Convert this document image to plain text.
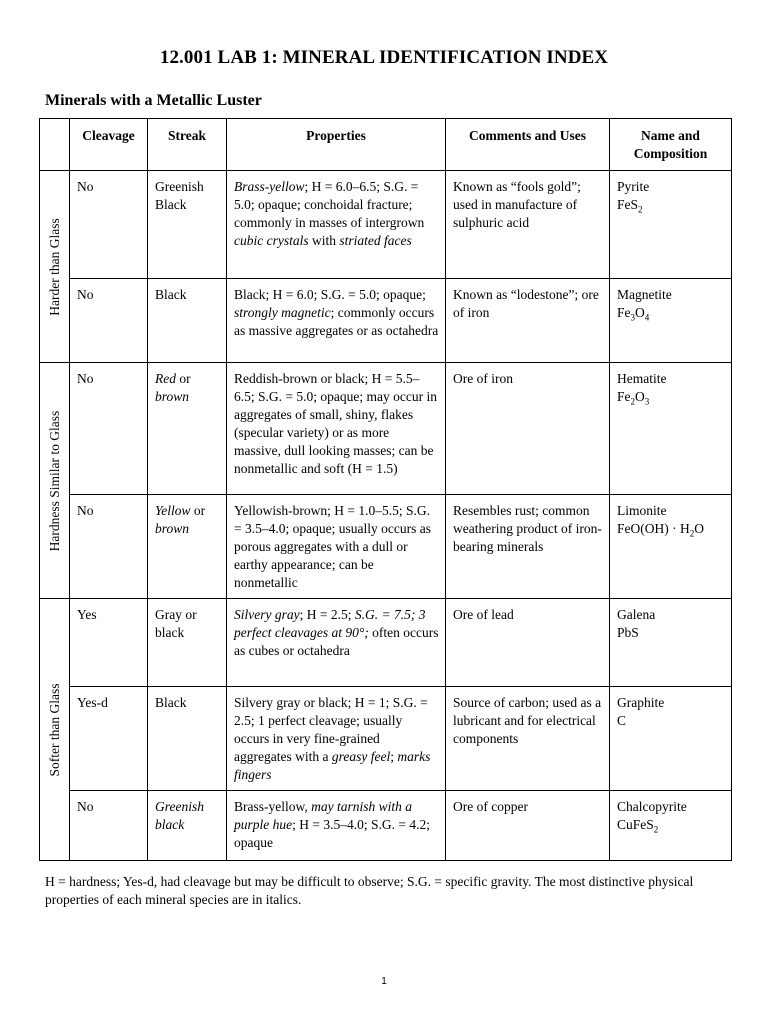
12.001 LAB 1: MINERAL IDENTIFICATION INDEX
Minerals with a Metallic Luster
	Cleavage	Streak	Properties	Comments and Uses	Name and
Composition

Harder than Glass	No	Greenish Black	Brass-yellow; H = 6.0–6.5; S.G. = 5.0; opaque; conchoidal fracture; commonly in masses of intergrown cubic crystals with striated faces	Known as “fools gold”; used in manufacture of sulphuric acid	Pyrite
FeS$_2$
	No	Black	Black; H = 6.0; S.G. = 5.0; opaque; strongly magnetic; commonly occurs as massive aggregates or as octahedra	Known as “lodestone”; ore of iron	Magnetite
$Fe_3O_4$

Hardness Similar to Glass	No	Red or brown	Reddish-brown or black; H = 5.5–6.5; S.G. = 5.0; opaque; may occur in aggregates of small, shiny, flakes (specular variety) or as more massive, dull looking masses; can be nonmetallic and soft (H = 1.5)	Ore of iron	Hematite
$Fe_2O_3$
	No	Yellow or brown	Yellowish-brown; H = 1.0–5.5; S.G. = 3.5–4.0; opaque; usually occurs as porous aggregates with a dull or earthy appearance; can be nonmetallic	Resembles rust; common weathering product of iron-bearing minerals	Limonite
$FeO(OH) \cdot H_2O$

Softer than Glass	Yes	Gray or black	Silvery gray; H = 2.5; S.G. = 7.5; 3 perfect cleavages at 90°; often occurs as cubes or octahedra	Ore of lead	Galena
PbS
	Yes-d	Black	Silvery gray or black; H = 1; S.G. = 2.5; 1 perfect cleavage; usually occurs in very fine-grained aggregates with a greasy feel; marks fingers	Source of carbon; used as a lubricant and for electrical components	Graphite
C
	No	Greenish black	Brass-yellow, may tarnish with a purple hue; H = 3.5–4.0; S.G. = 4.2; opaque	Ore of copper	Chalcopyrite
CuFeS$_2$

H = hardness; Yes-d, had cleavage but may be difficult to observe; S.G. = specific gravity. The most distinctive physical properties of each mineral species are in italics.

1
